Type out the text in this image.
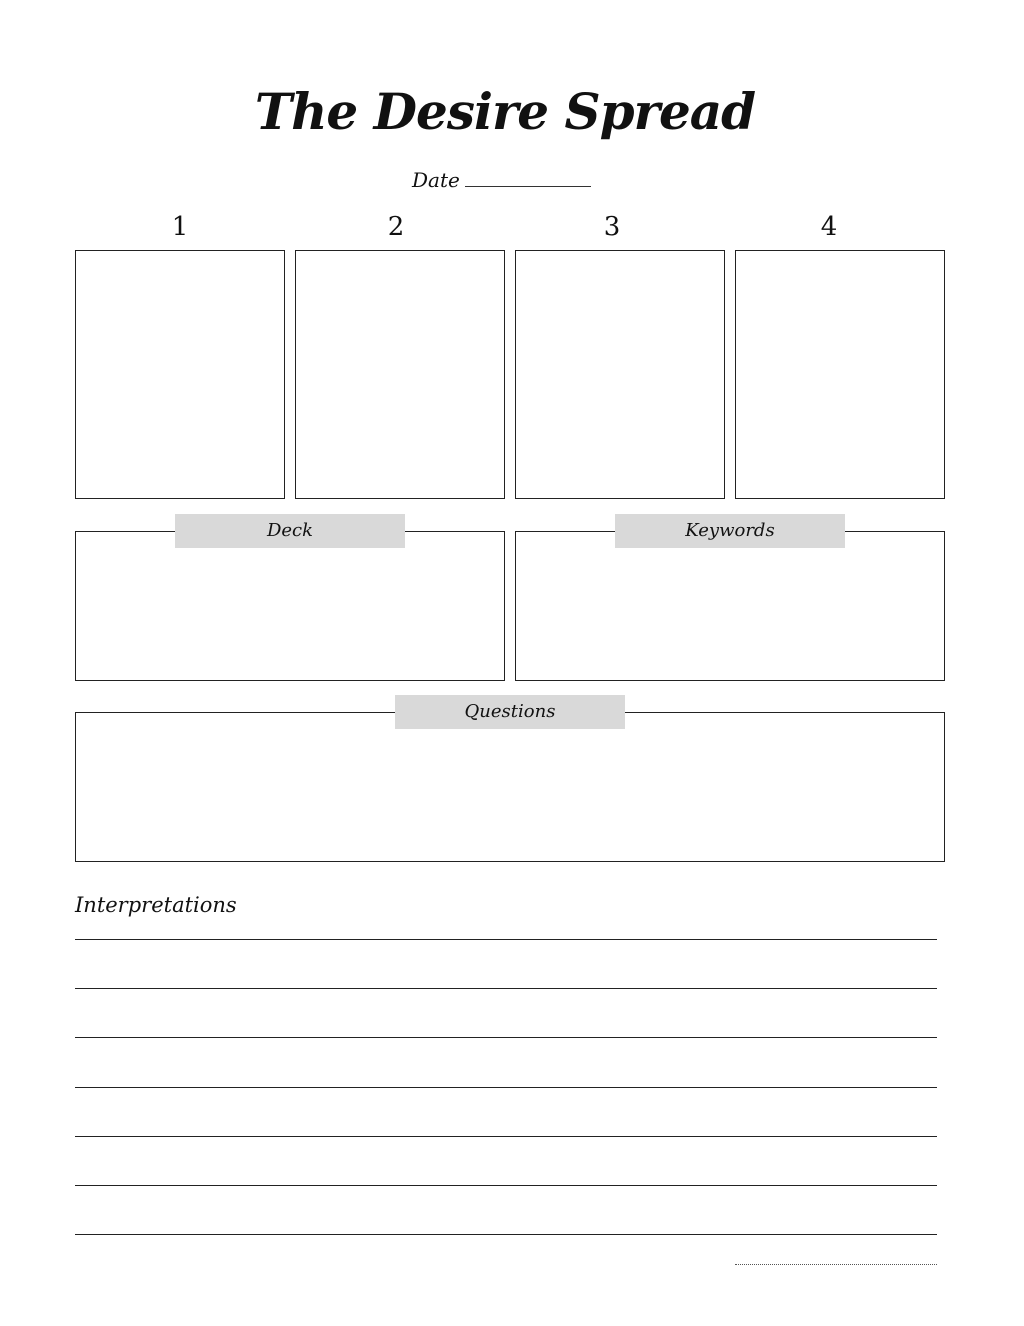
The Desire Spread
Date
1	2	3	4
Deck	Keywords
Questions
Interpretations
